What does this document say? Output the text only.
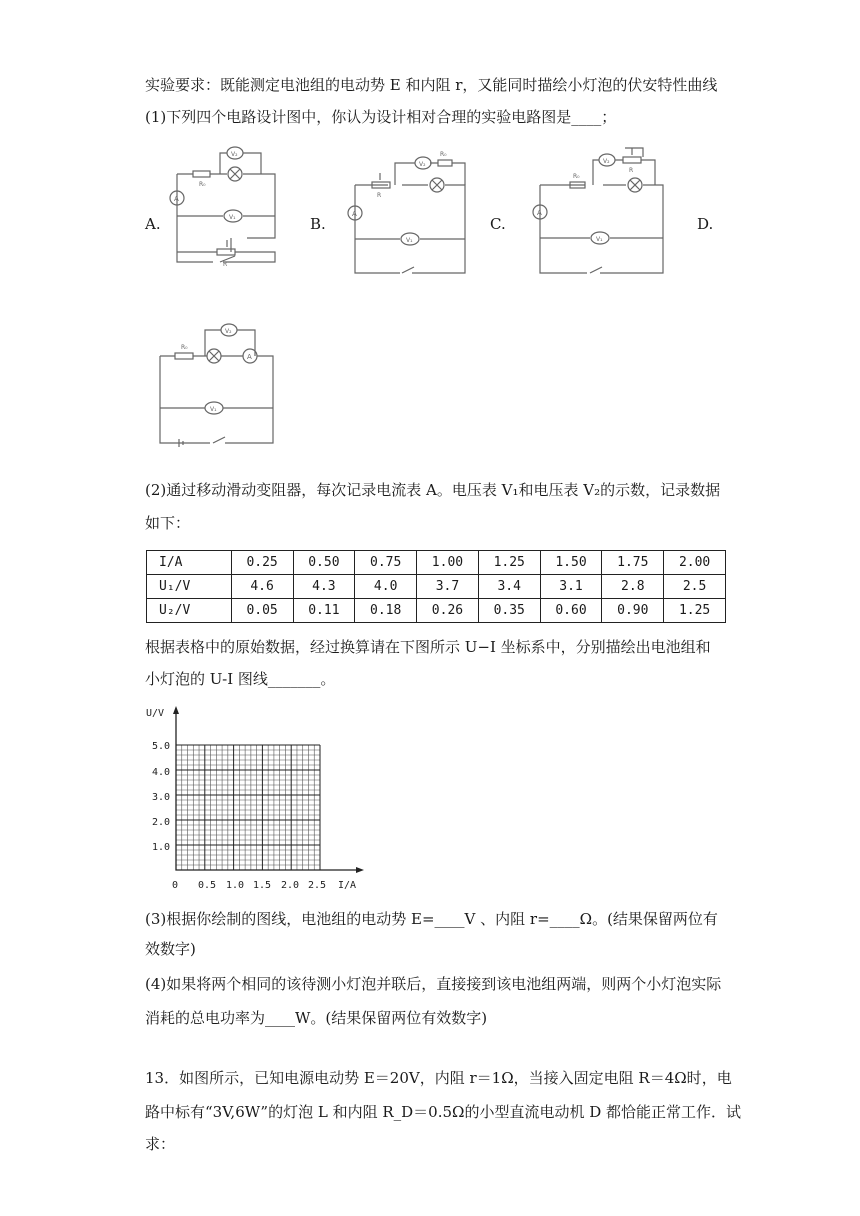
实验要求：既能测定电池组的电动势 E 和内阻 r，又能同时描绘小灯泡的伏安特性曲线
(1)下列四个电路设计图中，你认为设计相对合理的实验电路图是____；
A.	B.	C.	D.
A
R₀
V₂
V₁
R
A
R
V₂
R₀
V₁
A
R₀
V₂
R
V₁
R₀
A
V₂
V₁
(2)通过移动滑动变阻器，每次记录电流表 A。电压表 V₁和电压表 V₂的示数，记录数据
如下：
I/A	0.25	0.50	0.75	1.00	1.25	1.50	1.75	2.00
U₁/V	4.6	4.3	4.0	3.7	3.4	3.1	2.8	2.5
U₂/V	0.05	0.11	0.18	0.26	0.35	0.60	0.90	1.25
根据表格中的原始数据，经过换算请在下图所示 U−I 坐标系中，分别描绘出电池组和
小灯泡的 U-I 图线_______。
U/V
I/A
5.0
4.0
3.0
2.0
1.0
0 0.5 1.0 1.5 2.0 2.5
(3)根据你绘制的图线，电池组的电动势 E=____V 、内阻 r=____Ω。(结果保留两位有
效数字)
(4)如果将两个相同的该待测小灯泡并联后，直接接到该电池组两端，则两个小灯泡实际
消耗的总电功率为____W。(结果保留两位有效数字)
13．如图所示，已知电源电动势 E＝20V，内阻 r＝1Ω，当接入固定电阻 R＝4Ω时，电
路中标有“3V,6W”的灯泡 L 和内阻 R_D＝0.5Ω的小型直流电动机 D 都恰能正常工作．试
求：
